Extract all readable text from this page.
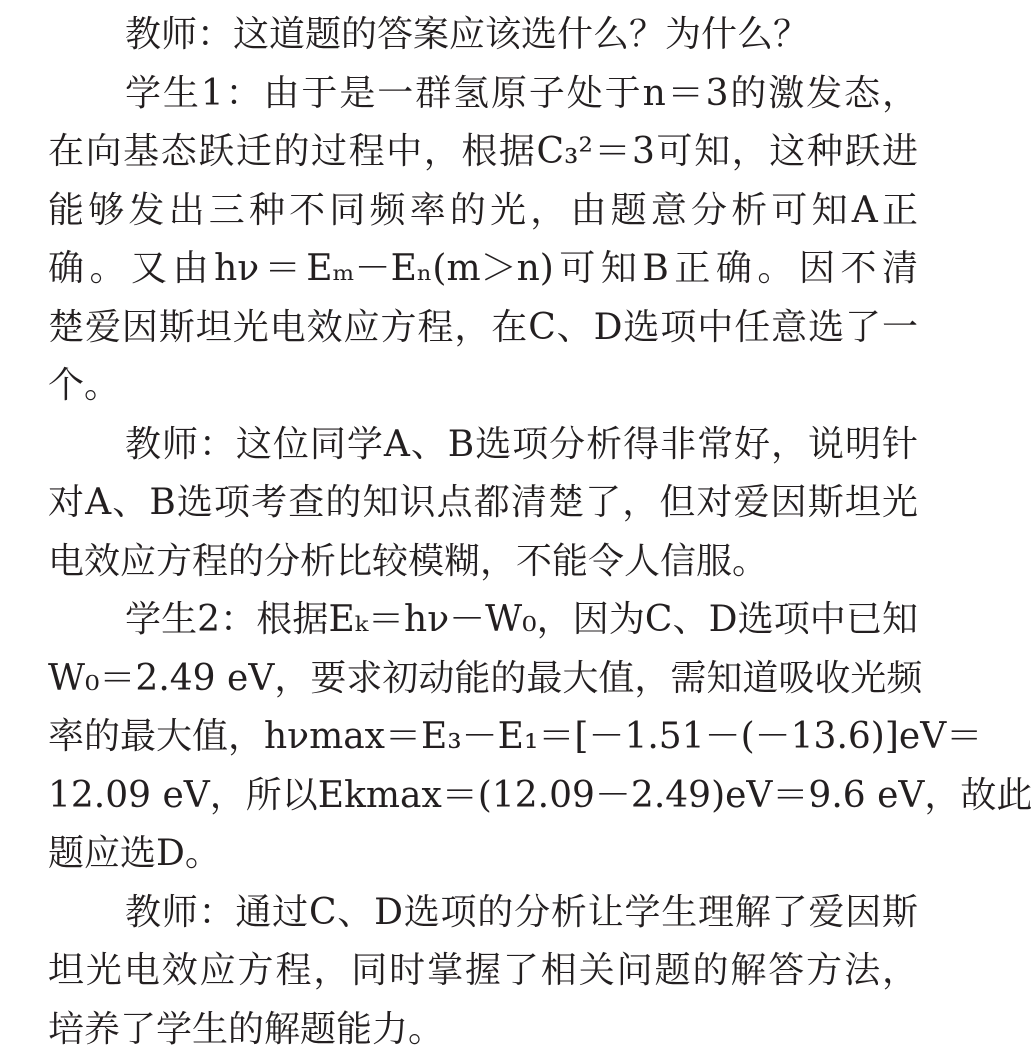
教师：这道题的答案应该选什么？为什么？
学生1：由于是一群氢原子处于n＝3的激发态，
在向基态跃迁的过程中，根据C₃²＝3可知，这种跃进
能够发出三种不同频率的光，由题意分析可知A正
确。又由hν＝Eₘ－Eₙ(m＞n)可知B正确。因不清
楚爱因斯坦光电效应方程，在C、D选项中任意选了一
个。
教师：这位同学A、B选项分析得非常好，说明针
对A、B选项考查的知识点都清楚了，但对爱因斯坦光
电效应方程的分析比较模糊，不能令人信服。
学生2：根据Eₖ＝hν－W₀，因为C、D选项中已知
W₀＝2.49 eV，要求初动能的最大值，需知道吸收光频
率的最大值，hνmax＝E₃－E₁＝[－1.51－(－13.6)]eV＝
12.09 eV，所以Ekmax＝(12.09－2.49)eV＝9.6 eV，故此
题应选D。
教师：通过C、D选项的分析让学生理解了爱因斯
坦光电效应方程，同时掌握了相关问题的解答方法，
培养了学生的解题能力。
